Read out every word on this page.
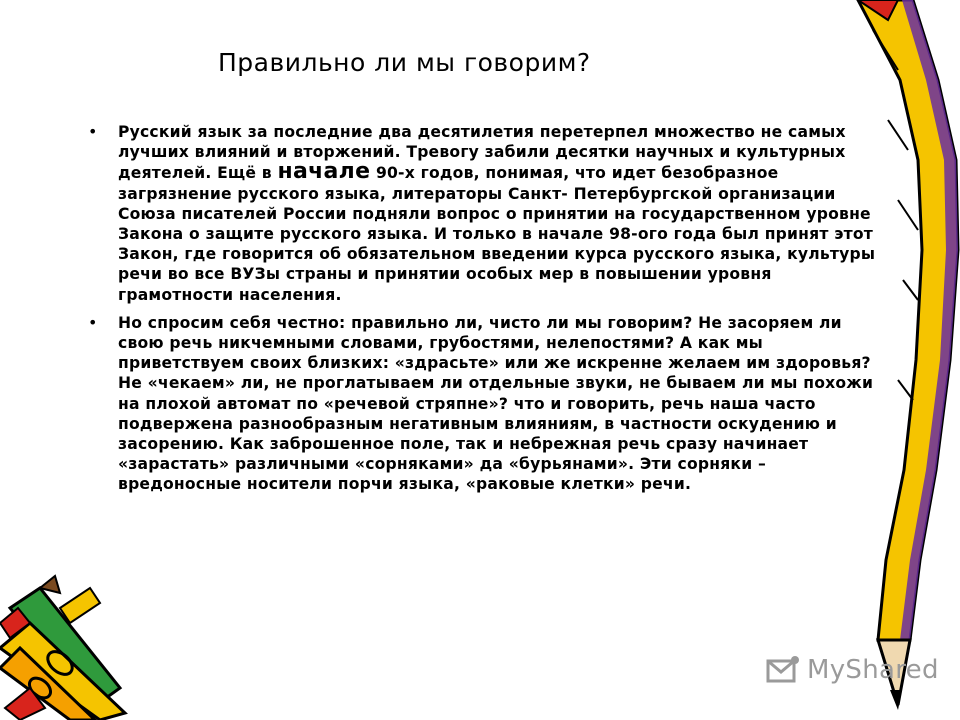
Правильно ли мы говорим?
• Русский язык за последние два десятилетия перетерпел множество не самых лучших влияний и вторжений. Тревогу забили десятки научных и культурных деятелей. Ещё в начале 90-х годов, понимая, что идет безобразное загрязнение русского языка, литераторы Санкт- Петербургской организации Союза писателей России подняли вопрос о принятии на государственном уровне Закона о защите русского языка. И только в начале 98-ого года был принят этот Закон, где говорится об обязательном введении курса русского языка, культуры речи во все ВУЗы страны и принятии особых мер в повышении уровня грамотности населения.
• Но спросим себя честно: правильно ли, чисто ли мы говорим? Не засоряем ли свою речь никчемными словами, грубостями, нелепостями? А как мы приветствуем своих близких: «здрасьте» или же искренне желаем им здоровья? Не «чекаем» ли, не проглатываем ли отдельные звуки, не бываем ли мы похожи на плохой автомат по «речевой стряпне»? что и говорить, речь наша часто подвержена разнообразным негативным влияниям, в частности оскудению и засорению. Как заброшенное поле, так и небрежная речь сразу начинает «зарастать» различными «сорняками» да «бурьянами». Эти сорняки – вредоносные носители порчи языка, «раковые клетки» речи.
MyShared
